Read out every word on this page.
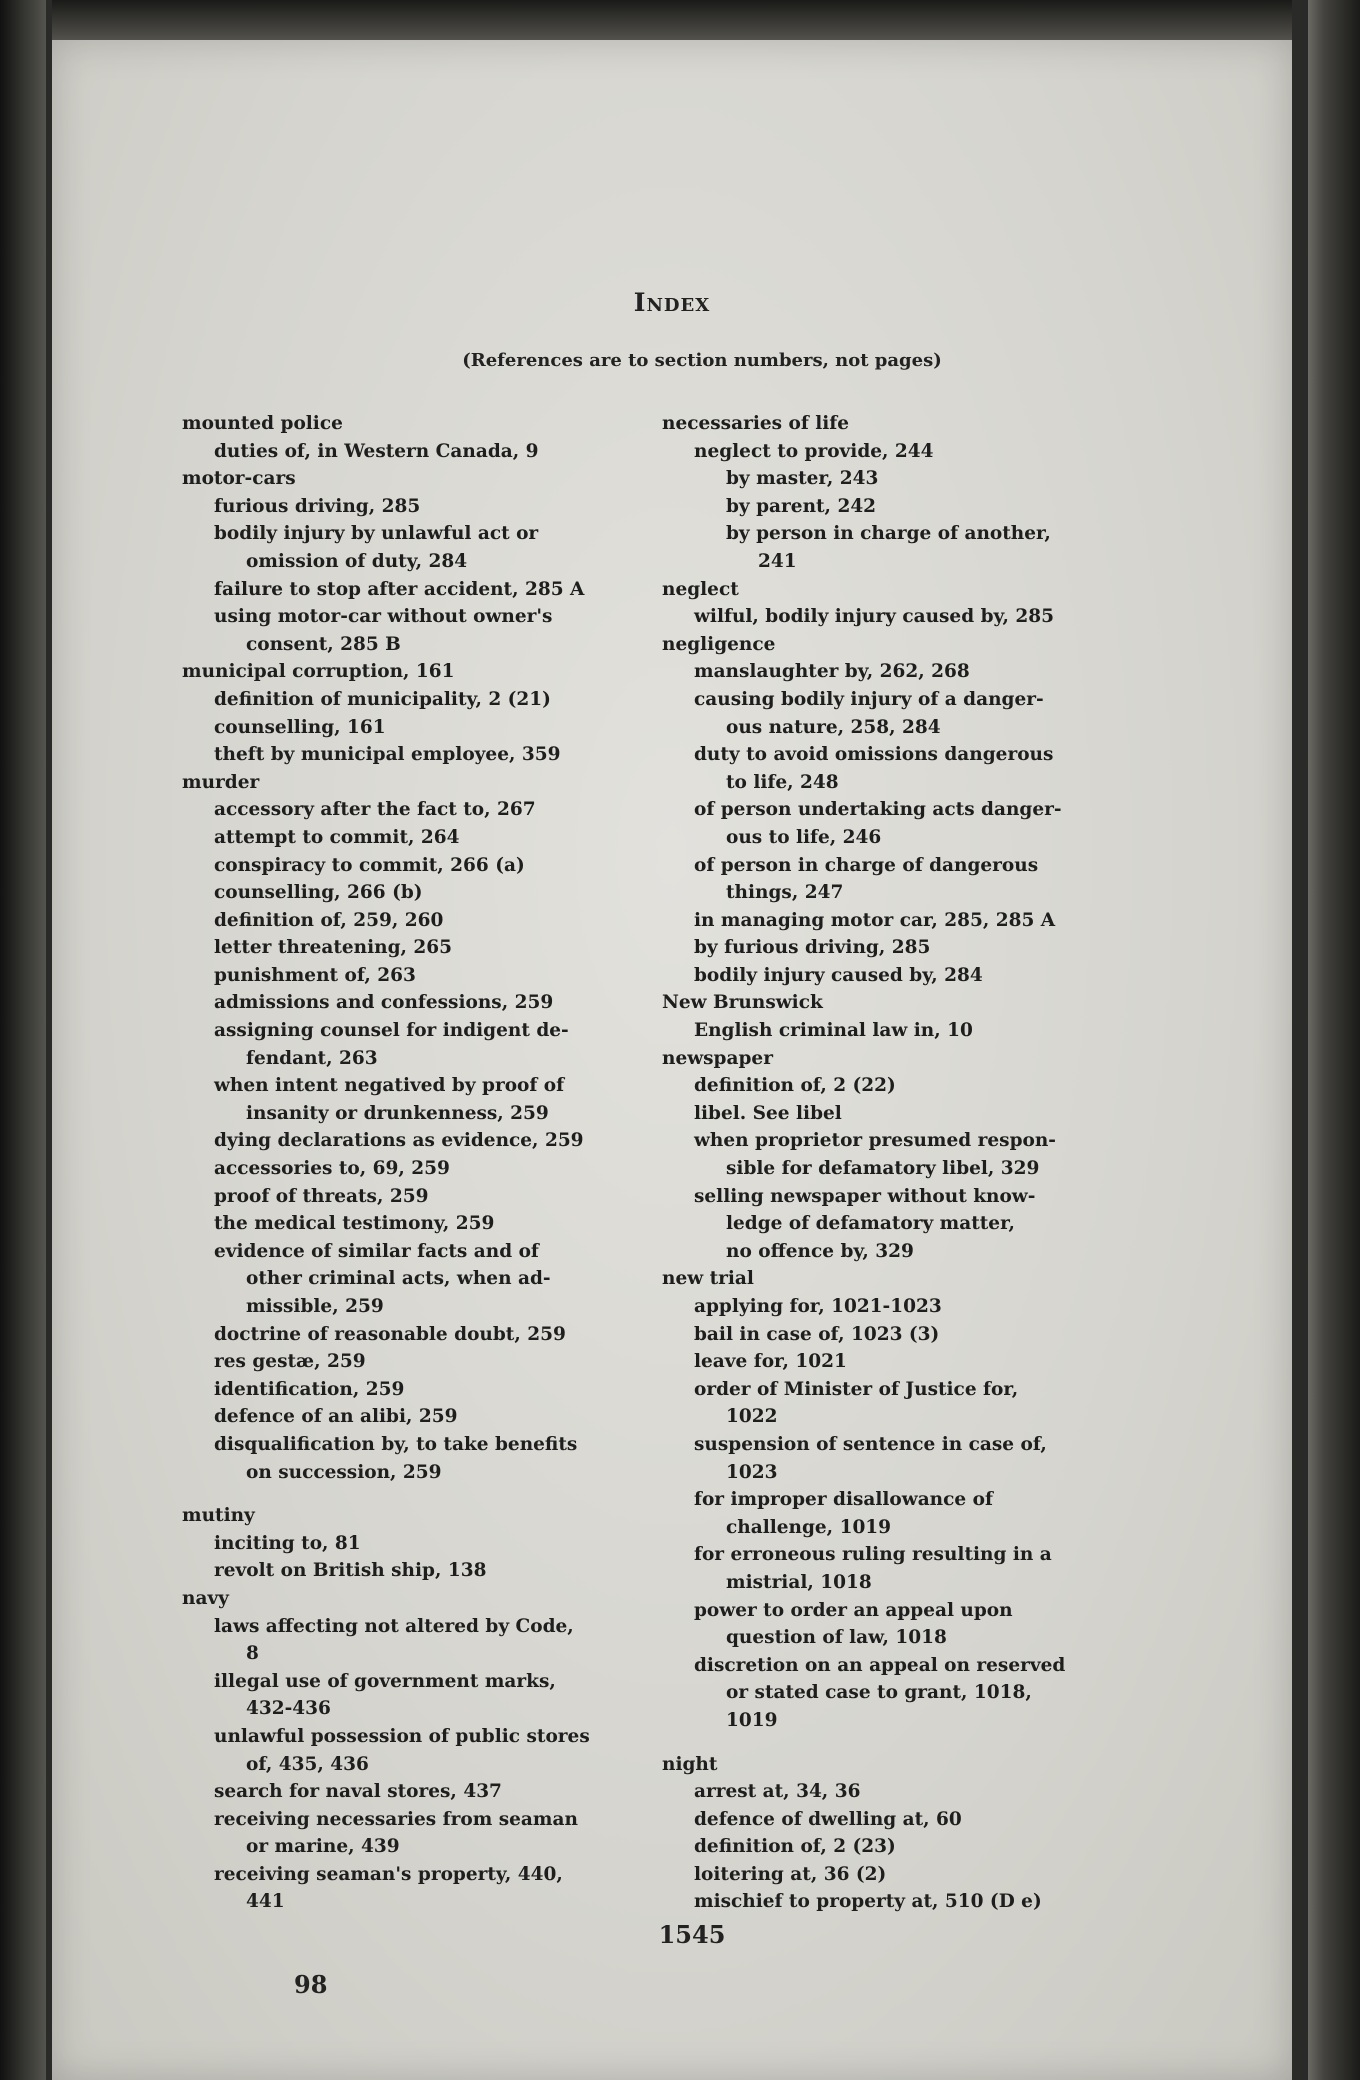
Index
(References are to section numbers, not pages)
mounted police
duties of, in Western Canada, 9
motor-cars
furious driving, 285
bodily injury by unlawful act or
omission of duty, 284
failure to stop after accident, 285 A
using motor-car without owner's
consent, 285 B
municipal corruption, 161
definition of municipality, 2 (21)
counselling, 161
theft by municipal employee, 359
murder
accessory after the fact to, 267
attempt to commit, 264
conspiracy to commit, 266 (a)
counselling, 266 (b)
definition of, 259, 260
letter threatening, 265
punishment of, 263
admissions and confessions, 259
assigning counsel for indigent de-
fendant, 263
when intent negatived by proof of
insanity or drunkenness, 259
dying declarations as evidence, 259
accessories to, 69, 259
proof of threats, 259
the medical testimony, 259
evidence of similar facts and of
other criminal acts, when ad-
missible, 259
doctrine of reasonable doubt, 259
res gestæ, 259
identification, 259
defence of an alibi, 259
disqualification by, to take benefits
on succession, 259
mutiny
inciting to, 81
revolt on British ship, 138
navy
laws affecting not altered by Code,
8
illegal use of government marks,
432-436
unlawful possession of public stores
of, 435, 436
search for naval stores, 437
receiving necessaries from seaman
or marine, 439
receiving seaman's property, 440,
441
necessaries of life
neglect to provide, 244
by master, 243
by parent, 242
by person in charge of another,
241
neglect
wilful, bodily injury caused by, 285
negligence
manslaughter by, 262, 268
causing bodily injury of a danger-
ous nature, 258, 284
duty to avoid omissions dangerous
to life, 248
of person undertaking acts danger-
ous to life, 246
of person in charge of dangerous
things, 247
in managing motor car, 285, 285 A
by furious driving, 285
bodily injury caused by, 284
New Brunswick
English criminal law in, 10
newspaper
definition of, 2 (22)
libel. See libel
when proprietor presumed respon-
sible for defamatory libel, 329
selling newspaper without know-
ledge of defamatory matter,
no offence by, 329
new trial
applying for, 1021-1023
bail in case of, 1023 (3)
leave for, 1021
order of Minister of Justice for,
1022
suspension of sentence in case of,
1023
for improper disallowance of
challenge, 1019
for erroneous ruling resulting in a
mistrial, 1018
power to order an appeal upon
question of law, 1018
discretion on an appeal on reserved
or stated case to grant, 1018,
1019
night
arrest at, 34, 36
defence of dwelling at, 60
definition of, 2 (23)
loitering at, 36 (2)
mischief to property at, 510 (D e)
1545
98
